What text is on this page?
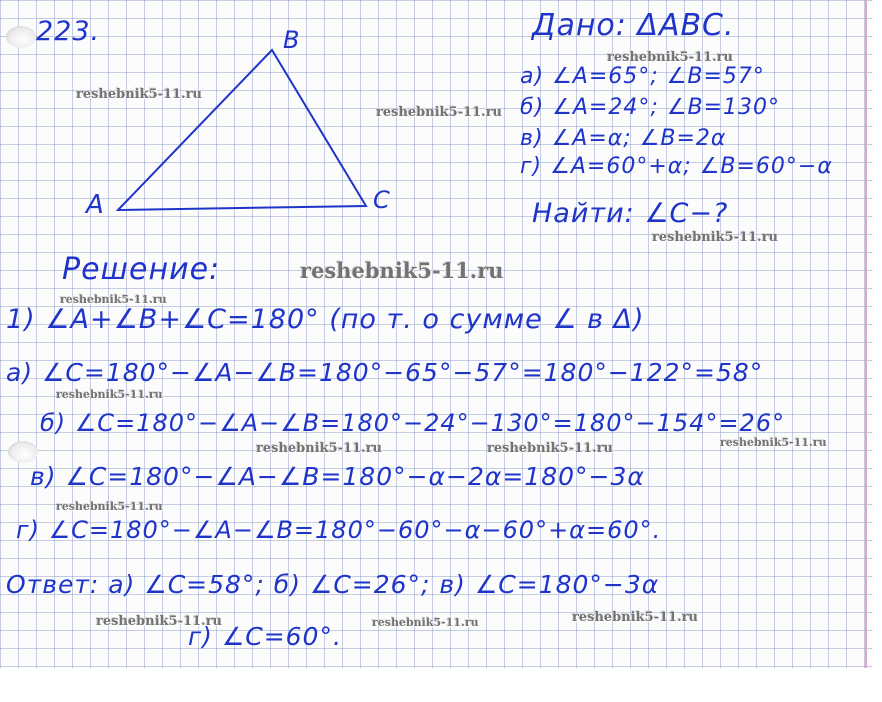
223.
A
B
C
Дано: ΔABC.
а) ∠A=65°; ∠B=57°
б) ∠A=24°; ∠B=130°
в) ∠A=α; ∠B=2α
г) ∠A=60°+α; ∠B=60°−α
Найти: ∠C−?
Решение:
1) ∠A+∠B+∠C=180° (по т. о сумме ∠ в Δ)
а) ∠C=180°−∠A−∠B=180°−65°−57°=180°−122°=58°
б) ∠C=180°−∠A−∠B=180°−24°−130°=180°−154°=26°
в) ∠C=180°−∠A−∠B=180°−α−2α=180°−3α
г) ∠C=180°−∠A−∠B=180°−60°−α−60°+α=60°.
Ответ: а) ∠C=58°; б) ∠C=26°; в) ∠C=180°−3α
г) ∠C=60°.
reshebnik5-11.ru
reshebnik5-11.ru
reshebnik5-11.ru
reshebnik5-11.ru
reshebnik5-11.ru
reshebnik5-11.ru
reshebnik5-11.ru
reshebnik5-11.ru	reshebnik5-11.ru	reshebnik5-11.ru
reshebnik5-11.ru
reshebnik5-11.ru	reshebnik5-11.ru	reshebnik5-11.ru
